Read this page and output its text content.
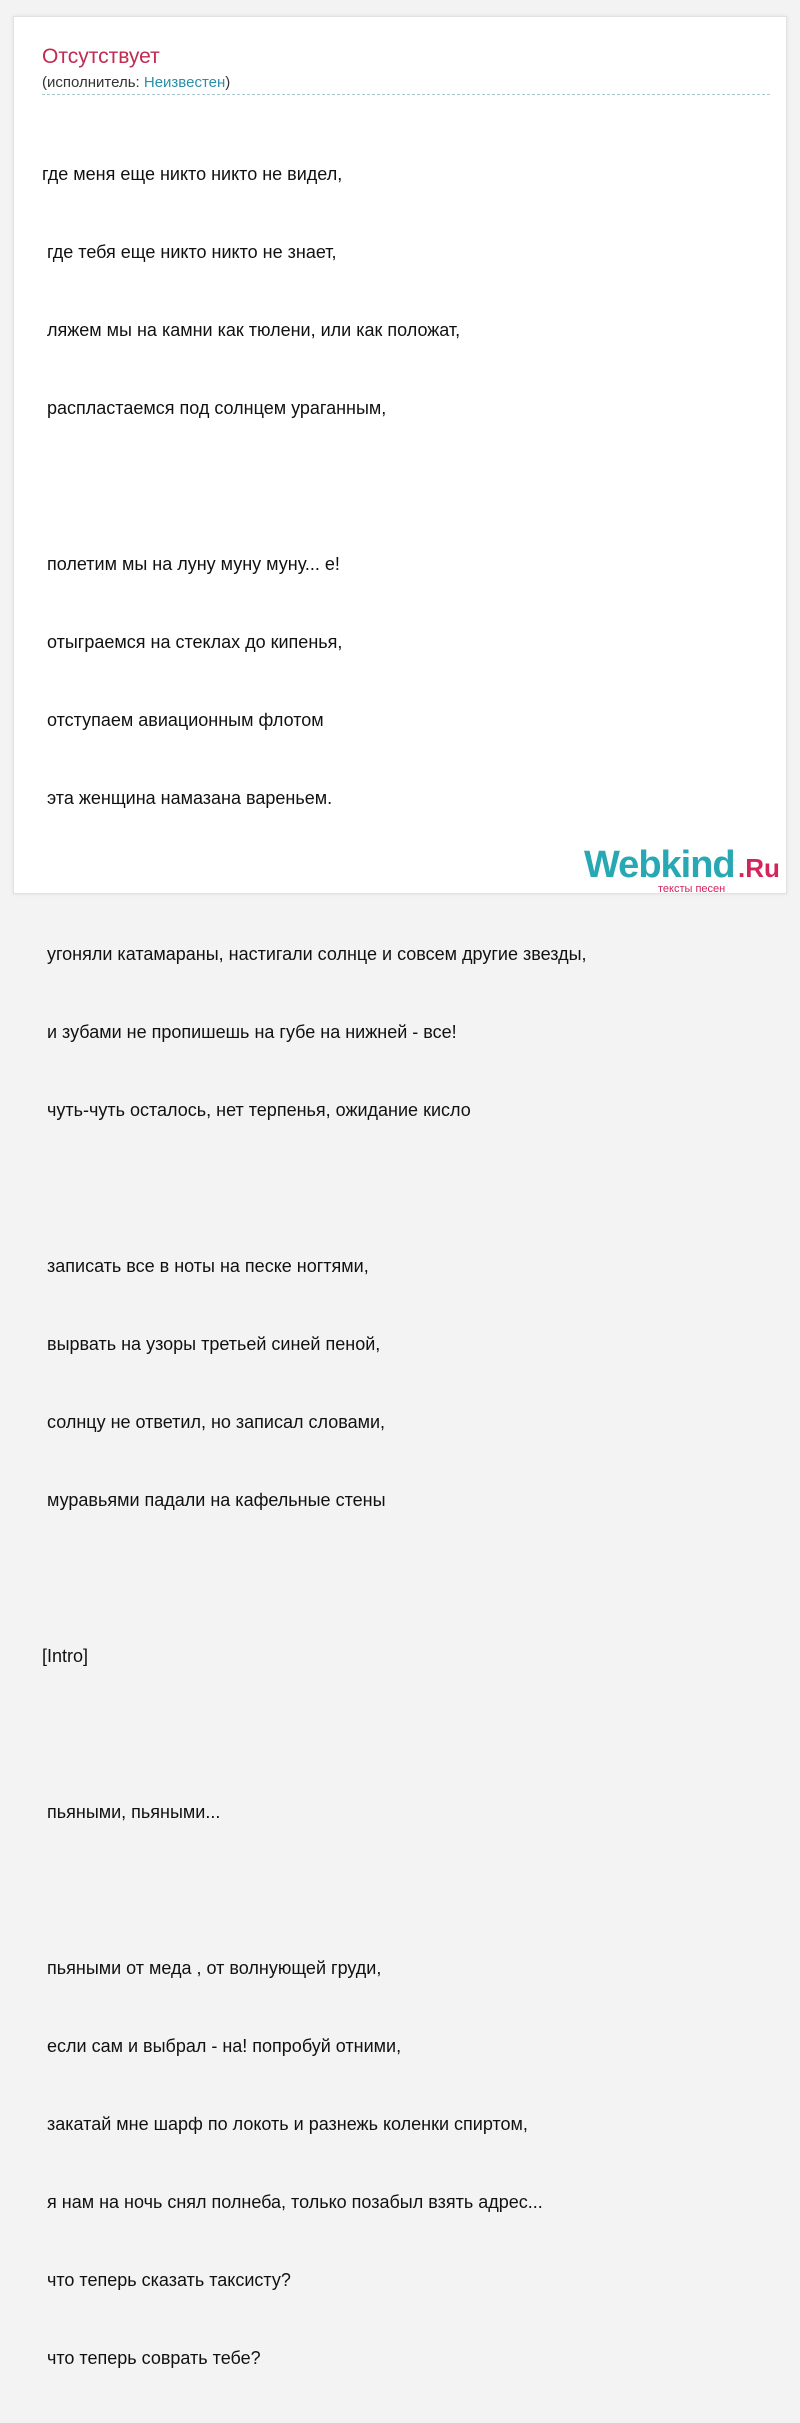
Отсутствует
(исполнитель: Неизвестен)

где меня еще никто никто не видел,

где тебя еще никто никто не знает,

ляжем мы на камни как тюлени, или как положат,

распластаемся под солнцем ураганным,

полетим мы на луну муну муну... е!

отыграемся на стеклах до кипенья,

отступаем авиационным флотом

эта женщина намазана вареньем.

угоняли катамараны, настигали солнце и совсем другие звезды,

и зубами не пропишешь на губе на нижней - все!

чуть-чуть осталось, нет терпенья, ожидание кисло

записать все в ноты на песке ногтями,

вырвать на узоры третьей синей пеной,

солнцу не ответил, но записал словами,

муравьями падали на кафельные стены

[Intro]

пьяными, пьяными...

пьяными от меда , от волнующей груди,

если сам и выбрал - на! попробуй отними,

закатай мне шарф по локоть и разнежь коленки спиртом,

я нам на ночь снял полнеба, только позабыл взять адрес...

что теперь сказать таксисту?

что теперь соврать тебе?

Webkind .Ru
тексты песен
